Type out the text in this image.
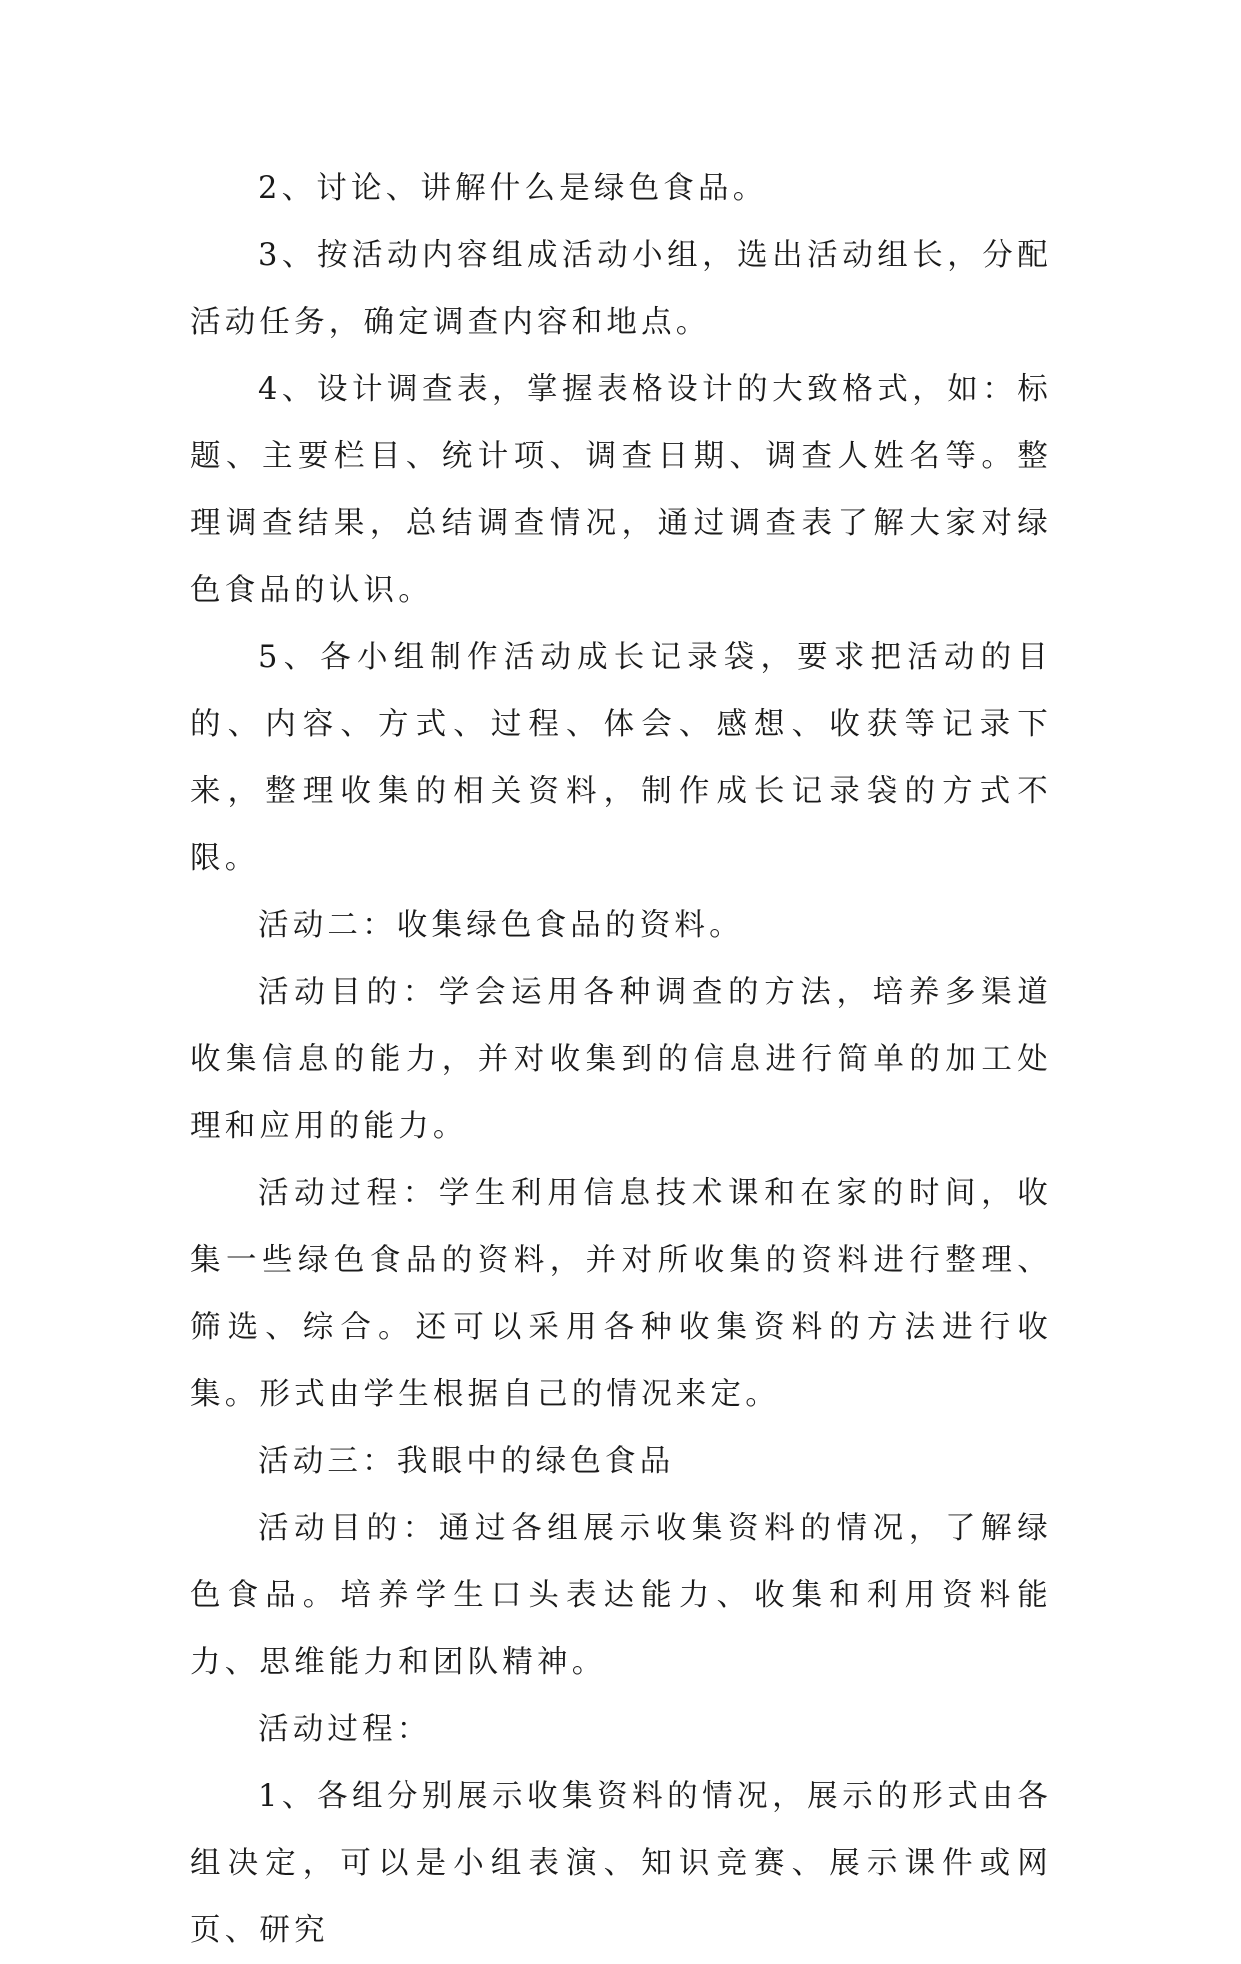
2、讨论、讲解什么是绿色食品。

3、按活动内容组成活动小组，选出活动组长，分配活动任务，确定调查内容和地点。

4、设计调查表，掌握表格设计的大致格式，如：标题、主要栏目、统计项、调查日期、调查人姓名等。整理调查结果，总结调查情况，通过调查表了解大家对绿色食品的认识。

5、各小组制作活动成长记录袋，要求把活动的目的、内容、方式、过程、体会、感想、收获等记录下来，整理收集的相关资料，制作成长记录袋的方式不限。

活动二：收集绿色食品的资料。

活动目的：学会运用各种调查的方法，培养多渠道收集信息的能力，并对收集到的信息进行简单的加工处理和应用的能力。

活动过程：学生利用信息技术课和在家的时间，收集一些绿色食品的资料，并对所收集的资料进行整理、筛选、综合。还可以采用各种收集资料的方法进行收集。形式由学生根据自己的情况来定。

活动三：我眼中的绿色食品

活动目的：通过各组展示收集资料的情况，了解绿色食品。培养学生口头表达能力、收集和利用资料能力、思维能力和团队精神。

活动过程：

1、各组分别展示收集资料的情况，展示的形式由各组决定，可以是小组表演、知识竞赛、展示课件或网页、研究
